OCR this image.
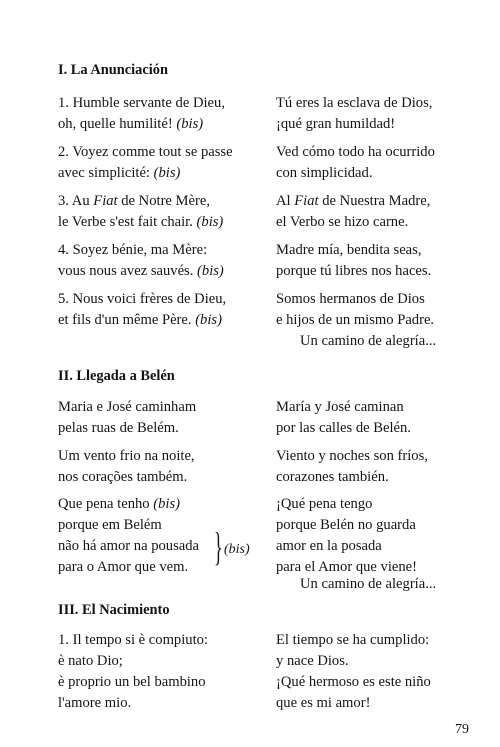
I. La Anunciación
1. Humble servante de Dieu,
oh, quelle humilité! (bis)
Tú eres la esclava de Dios,
¡qué gran humildad!
2. Voyez comme tout se passe
avec simplicité: (bis)
Ved cómo todo ha ocurrido
con simplicidad.
3. Au Fiat de Notre Mère,
le Verbe s'est fait chair. (bis)
Al Fiat de Nuestra Madre,
el Verbo se hizo carne.
4. Soyez bénie, ma Mère:
vous nous avez sauvés. (bis)
Madre mía, bendita seas,
porque tú libres nos haces.
5. Nous voici frères de Dieu,
et fils d'un même Père. (bis)
Somos hermanos de Dios
e hijos de un mismo Padre.
Un camino de alegría...
II. Llegada a Belén
Maria e José caminham
pelas ruas de Belém.
María y José caminan
por las calles de Belén.
Um vento frio na noite,
nos corações também.
Viento y noches son fríos,
corazones también.
Que pena tenho (bis)
porque em Belém
não há amor na pousada
para o Amor que vem.
¡Qué pena tengo
porque Belén no guarda
amor en la posada
para el Amor que viene!
} (bis)
Un camino de alegría...
III. El Nacimiento
1. Il tempo si è compiuto:
è nato Dio;
è proprio un bel bambino
l'amore mio.
El tiempo se ha cumplido:
y nace Dios.
¡Qué hermoso es este niño
que es mi amor!
79
